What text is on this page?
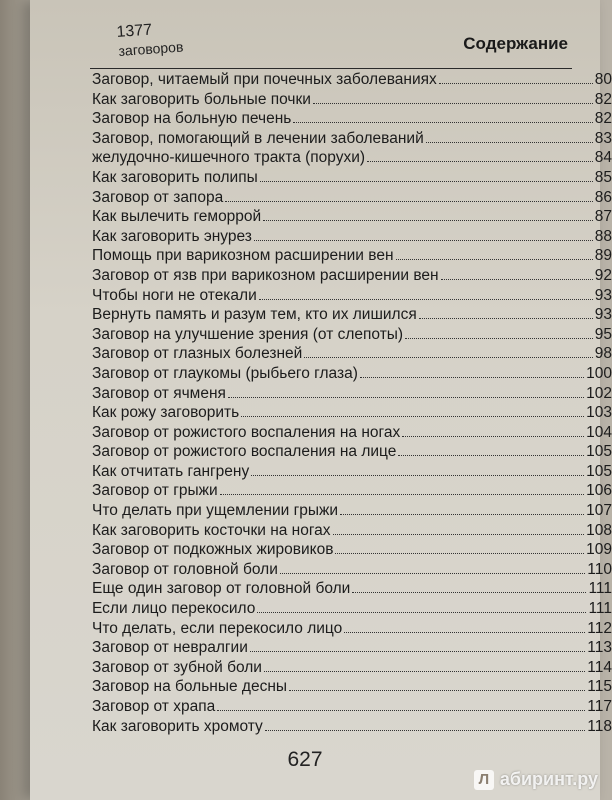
1377
заговоров	Содержание
Заговор, читаемый при почечных заболеваниях	80
Как заговорить больные почки	82
Заговор на больную печень	82
Заговор, помогающий в лечении заболеваний	83
желудочно-кишечного тракта (порухи)	84
Как заговорить полипы	85
Заговор от запора	86
Как вылечить геморрой	87
Как заговорить энурез	88
Помощь при варикозном расширении вен	89
Заговор от язв при варикозном расширении вен	92
Чтобы ноги не отекали	93
Вернуть память и разум тем, кто их лишился	93
Заговор на улучшение зрения (от слепоты)	95
Заговор от глазных болезней	98
Заговор от глаукомы (рыбьего глаза)	100
Заговор от ячменя	102
Как рожу заговорить	103
Заговор от рожистого воспаления на ногах	104
Заговор от рожистого воспаления на лице	105
Как отчитать гангрену	105
Заговор от грыжи	106
Что делать при ущемлении грыжи	107
Как заговорить косточки на ногах	108
Заговор от подкожных жировиков	109
Заговор от головной боли	110
Еще один заговор от головной боли	111
Если лицо перекосило	111
Что делать, если перекосило лицо	112
Заговор от невралгии	113
Заговор от зубной боли	114
Заговор на больные десны	115
Заговор от храпа	117
Как заговорить хромоту	118
627
Л абиринт.ру
